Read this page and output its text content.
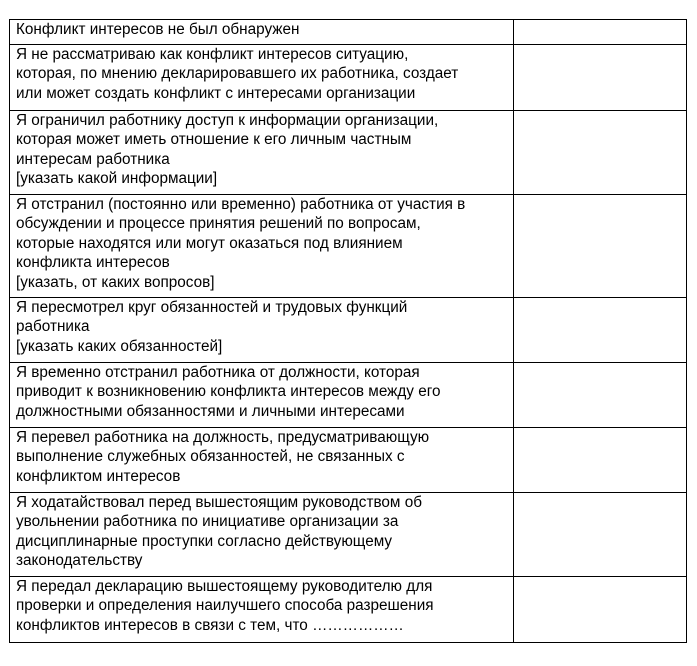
Конфликт интересов не был обнаружен	
Я не рассматриваю как конфликт интересов ситуацию,
которая, по мнению декларировавшего их работника, создает
или может создать конфликт с интересами организации	
Я ограничил работнику доступ к информации организации,
которая может иметь отношение к его личным частным
интересам работника
[указать какой информации]	
Я отстранил (постоянно или временно) работника от участия в
обсуждении и процессе принятия решений по вопросам,
которые находятся или могут оказаться под влиянием
конфликта интересов
[указать, от каких вопросов]	
Я пересмотрел круг обязанностей и трудовых функций
работника
[указать каких обязанностей]	
Я временно отстранил работника от должности, которая
приводит к возникновению конфликта интересов между его
должностными обязанностями и личными интересами	
Я перевел работника на должность, предусматривающую
выполнение служебных обязанностей, не связанных с
конфликтом интересов	
Я ходатайствовал перед вышестоящим руководством об
увольнении работника по инициативе организации за
дисциплинарные проступки согласно действующему
законодательству	
Я передал декларацию вышестоящему руководителю для
проверки и определения наилучшего способа разрешения
конфликтов интересов в связи с тем, что ………………	
